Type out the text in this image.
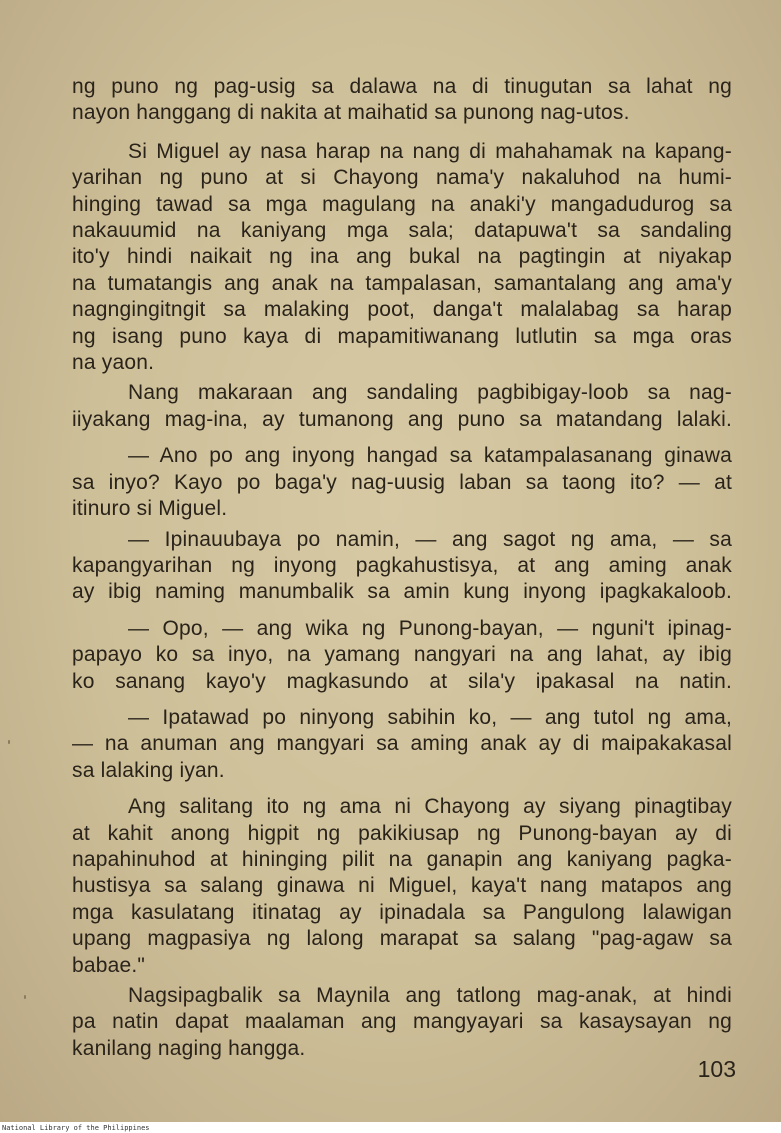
ng puno ng pag-usig sa dalawa na di tinugutan sa lahat ng
nayon hanggang di nakita at maihatid sa punong nag-utos.
Si Miguel ay nasa harap na nang di mahahamak na kapang-
yarihan ng puno at si Chayong nama'y nakaluhod na humi-
hinging tawad sa mga magulang na anaki'y mangadudurog sa
nakauumid na kaniyang mga sala; datapuwa't sa sandaling
ito'y hindi naikait ng ina ang bukal na pagtingin at niyakap
na tumatangis ang anak na tampalasan, samantalang ang ama'y
nagngingitngit sa malaking poot, danga't malalabag sa harap
ng isang puno kaya di mapamitiwanang lutlutin sa mga oras
na yaon.
Nang makaraan ang sandaling pagbibigay-loob sa nag-
iiyakang mag-ina, ay tumanong ang puno sa matandang lalaki.
— Ano po ang inyong hangad sa katampalasanang ginawa
sa inyo? Kayo po baga'y nag-uusig laban sa taong ito? — at
itinuro si Miguel.
— Ipinauubaya po namin, — ang sagot ng ama, — sa
kapangyarihan ng inyong pagkahustisya, at ang aming anak
ay ibig naming manumbalik sa amin kung inyong ipagkakaloob.
— Opo, — ang wika ng Punong-bayan, — nguni't ipinag-
papayo ko sa inyo, na yamang nangyari na ang lahat, ay ibig
ko sanang kayo'y magkasundo at sila'y ipakasal na natin.
— Ipatawad po ninyong sabihin ko, — ang tutol ng ama,
— na anuman ang mangyari sa aming anak ay di maipakakasal
sa lalaking iyan.
Ang salitang ito ng ama ni Chayong ay siyang pinagtibay
at kahit anong higpit ng pakikiusap ng Punong-bayan ay di
napahinuhod at hininging pilit na ganapin ang kaniyang pagka-
hustisya sa salang ginawa ni Miguel, kaya't nang matapos ang
mga kasulatang itinatag ay ipinadala sa Pangulong lalawigan
upang magpasiya ng lalong marapat sa salang "pag-agaw sa
babae."
Nagsipagbalik sa Maynila ang tatlong mag-anak, at hindi
pa natin dapat maalaman ang mangyayari sa kasaysayan ng
kanilang naging hangga.
103
National Library of the Philippines
